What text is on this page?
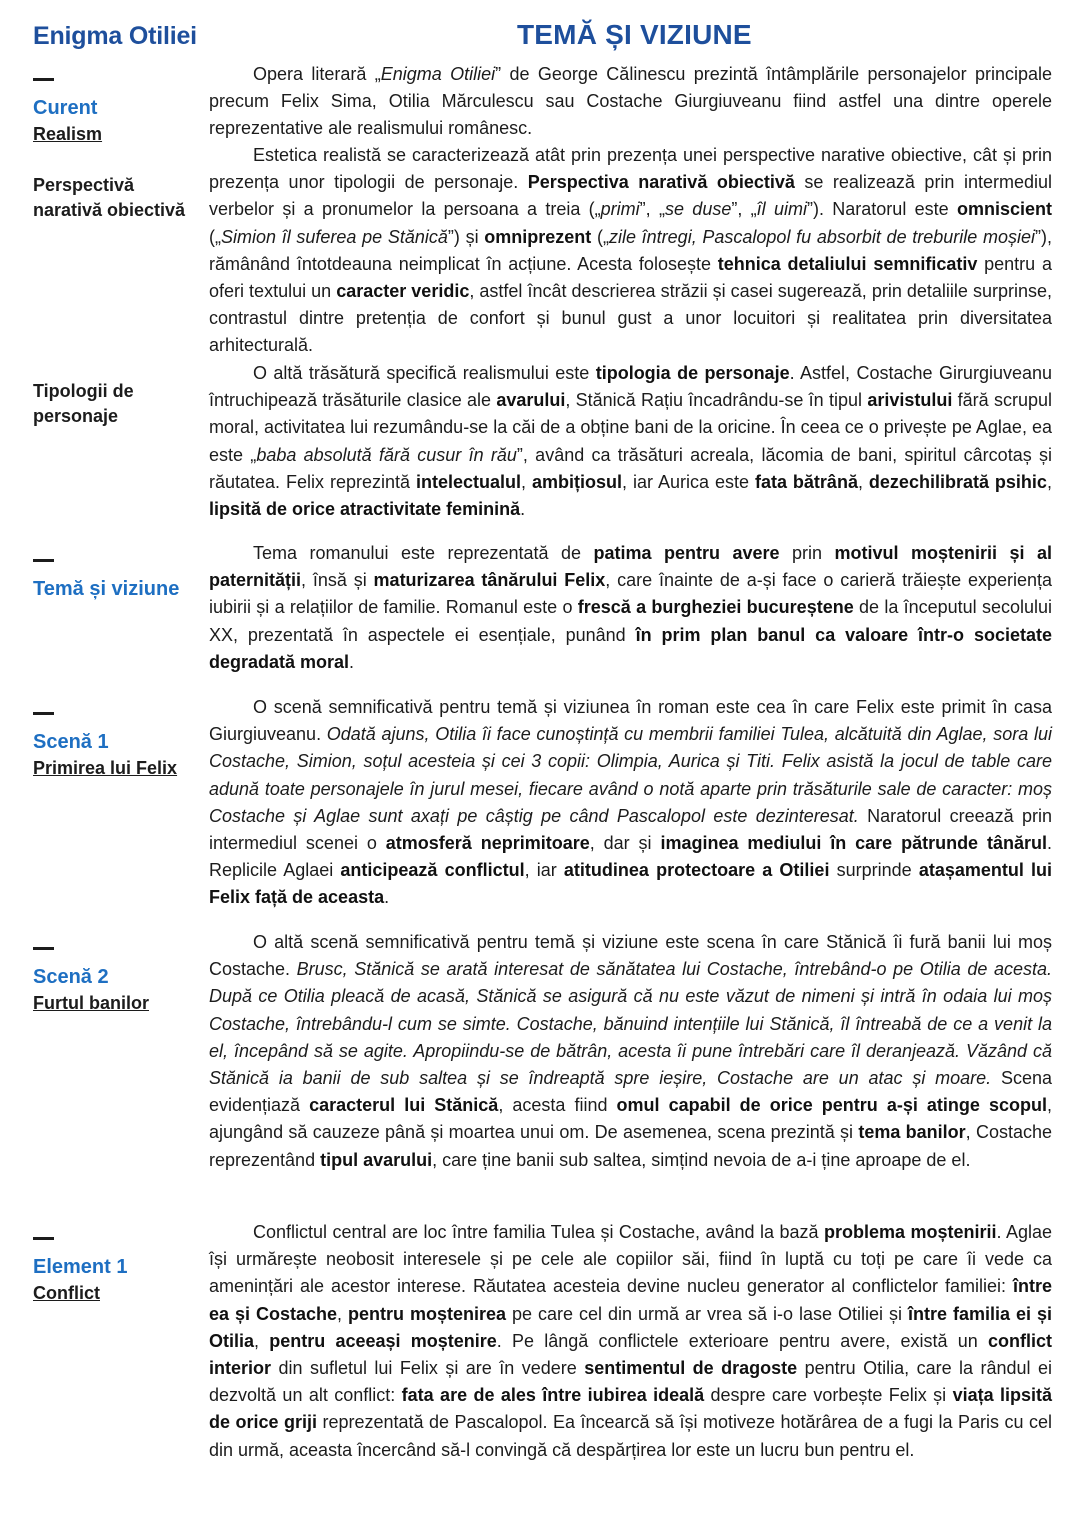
Enigma Otiliei	TEMĂ ȘI VIZIUNE
Curent
Realism
Perspectivă
narativă obiectivă
Tipologii de
personaje
Temă și viziune
Scenă 1
Primirea lui Felix
Scenă 2
Furtul banilor
Element 1
Conflict

Opera literară „Enigma Otiliei” de George Călinescu prezintă întâmplările personajelor principale precum Felix Sima, Otilia Mărculescu sau Costache Giurgiuveanu fiind astfel una dintre operele reprezentative ale realismului românesc.

Estetica realistă se caracterizează atât prin prezența unei perspective narative obiective, cât și prin prezența unor tipologii de personaje. Perspectiva narativă obiectivă se realizează prin intermediul verbelor și a pronumelor la persoana a treia („primi”, „se duse”, „îl uimi”). Naratorul este omniscient („Simion îl suferea pe Stănică”) și omniprezent („zile întregi, Pascalopol fu absorbit de treburile moșiei”), rămânând întotdeauna neimplicat în acțiune. Acesta folosește tehnica detaliului semnificativ pentru a oferi textului un caracter veridic, astfel încât descrierea străzii și casei sugerează, prin detaliile surprinse, contrastul dintre pretenția de confort și bunul gust a unor locuitori și realitatea prin diversitatea arhitecturală.

O altă trăsătură specifică realismului este tipologia de personaje. Astfel, Costache Girurgiuveanu întruchipează trăsăturile clasice ale avarului, Stănică Rațiu încadrându-se în tipul arivistului fără scrupul moral, activitatea lui rezumându-se la căi de a obține bani de la oricine. În ceea ce o privește pe Aglae, ea este „baba absolută fără cusur în rău”, având ca trăsături acreala, lăcomia de bani, spiritul cârcotaș și răutatea. Felix reprezintă intelectualul, ambițiosul, iar Aurica este fata bătrână, dezechilibrată psihic, lipsită de orice atractivitate feminină.

Tema romanului este reprezentată de patima pentru avere prin motivul moștenirii și al paternității, însă și maturizarea tânărului Felix, care înainte de a-și face o carieră trăiește experiența iubirii și a relațiilor de familie. Romanul este o frescă a burgheziei bucureștene de la începutul secolului XX, prezentată în aspectele ei esențiale, punând în prim plan banul ca valoare într-o societate degradată moral.

O scenă semnificativă pentru temă și viziunea în roman este cea în care Felix este primit în casa Giurgiuveanu. Odată ajuns, Otilia îi face cunoștință cu membrii familiei Tulea, alcătuită din Aglae, sora lui Costache, Simion, soțul acesteia și cei 3 copii: Olimpia, Aurica și Titi. Felix asistă la jocul de table care adună toate personajele în jurul mesei, fiecare având o notă aparte prin trăsăturile sale de caracter: moș Costache și Aglae sunt axați pe câștig pe când Pascalopol este dezinteresat. Naratorul creează prin intermediul scenei o atmosferă neprimitoare, dar și imaginea mediului în care pătrunde tânărul. Replicile Aglaei anticipează conflictul, iar atitudinea protectoare a Otiliei surprinde atașamentul lui Felix față de aceasta.

O altă scenă semnificativă pentru temă și viziune este scena în care Stănică îi fură banii lui moș Costache. Brusc, Stănică se arată interesat de sănătatea lui Costache, întrebând-o pe Otilia de acesta. După ce Otilia pleacă de acasă, Stănică se asigură că nu este văzut de nimeni și intră în odaia lui moș Costache, întrebându-l cum se simte. Costache, bănuind intențiile lui Stănică, îl întreabă de ce a venit la el, începând să se agite. Apropiindu-se de bătrân, acesta îi pune întrebări care îl deranjează. Văzând că Stănică ia banii de sub saltea și se îndreaptă spre ieșire, Costache are un atac și moare. Scena evidențiază caracterul lui Stănică, acesta fiind omul capabil de orice pentru a-și atinge scopul, ajungând să cauzeze până și moartea unui om. De asemenea, scena prezintă și tema banilor, Costache reprezentând tipul avarului, care ține banii sub saltea, simțind nevoia de a-i ține aproape de el.

Conflictul central are loc între familia Tulea și Costache, având la bază problema moștenirii. Aglae își urmărește neobosit interesele și pe cele ale copiilor săi, fiind în luptă cu toți pe care îi vede ca amenințări ale acestor interese. Răutatea acesteia devine nucleu generator al conflictelor familiei: între ea și Costache, pentru moștenirea pe care cel din urmă ar vrea să i-o lase Otiliei și între familia ei și Otilia, pentru aceeași moștenire. Pe lângă conflictele exterioare pentru avere, există un conflict interior din sufletul lui Felix și are în vedere sentimentul de dragoste pentru Otilia, care la rândul ei dezvoltă un alt conflict: fata are de ales între iubirea ideală despre care vorbește Felix și viața lipsită de orice griji reprezentată de Pascalopol. Ea încearcă să își motiveze hotărârea de a fugi la Paris cu cel din urmă, aceasta încercând să-l convingă că despărțirea lor este un lucru bun pentru el.
